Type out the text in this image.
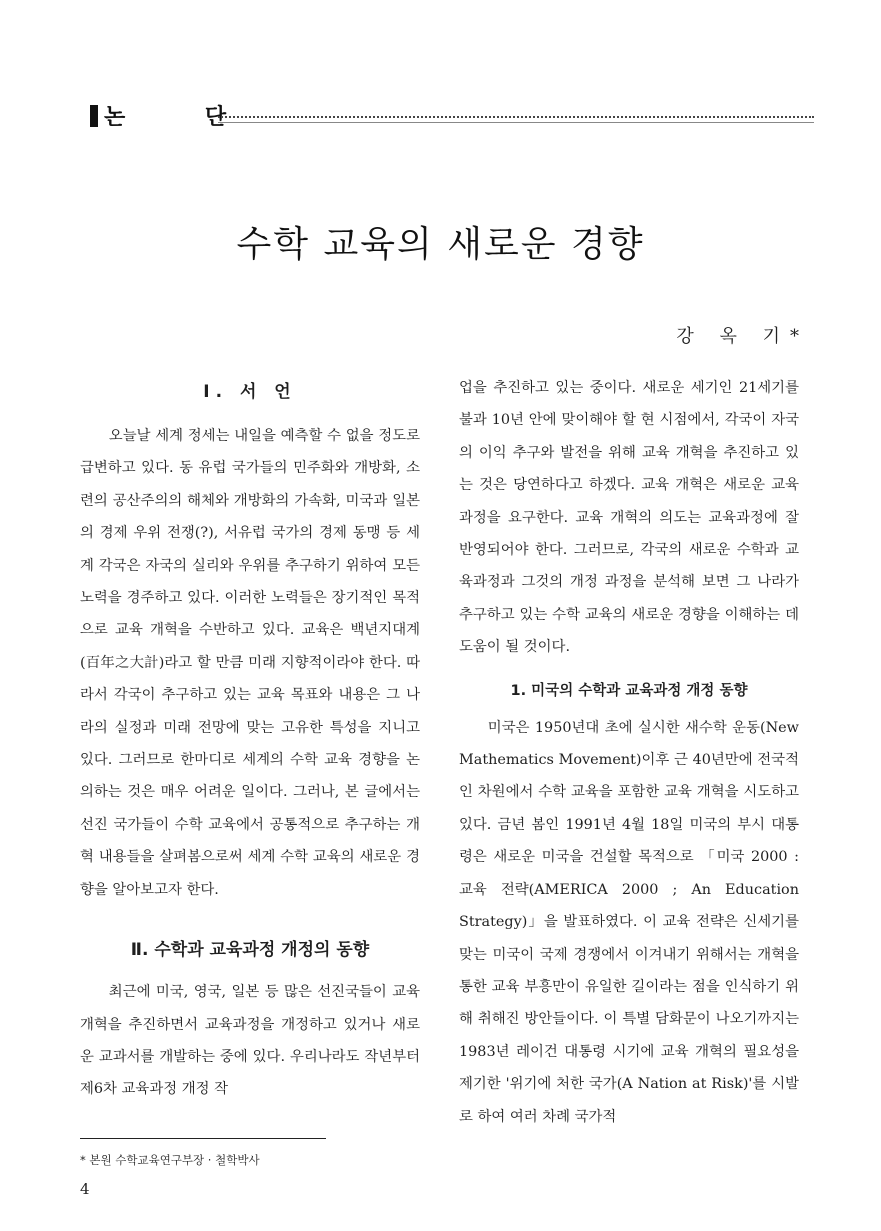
논 단
수학 교육의 새로운 경향
강 옥 기*
Ⅰ. 서 언

오늘날 세계 정세는 내일을 예측할 수 없을 정도로 급변하고 있다. 동 유럽 국가들의 민주화와 개방화, 소련의 공산주의의 해체와 개방화의 가속화, 미국과 일본의 경제 우위 전쟁(?), 서유럽 국가의 경제 동맹 등 세계 각국은 자국의 실리와 우위를 추구하기 위하여 모든 노력을 경주하고 있다. 이러한 노력들은 장기적인 목적으로 교육 개혁을 수반하고 있다. 교육은 백년지대계(百年之大計)라고 할 만큼 미래 지향적이라야 한다. 따라서 각국이 추구하고 있는 교육 목표와 내용은 그 나라의 실정과 미래 전망에 맞는 고유한 특성을 지니고 있다. 그러므로 한마디로 세계의 수학 교육 경향을 논의하는 것은 매우 어려운 일이다. 그러나, 본 글에서는 선진 국가들이 수학 교육에서 공통적으로 추구하는 개혁 내용들을 살펴봄으로써 세계 수학 교육의 새로운 경향을 알아보고자 한다.

Ⅱ. 수학과 교육과정 개정의 동향

최근에 미국, 영국, 일본 등 많은 선진국들이 교육 개혁을 추진하면서 교육과정을 개정하고 있거나 새로운 교과서를 개발하는 중에 있다. 우리나라도 작년부터 제6차 교육과정 개정 작

업을 추진하고 있는 중이다. 새로운 세기인 21세기를 불과 10년 안에 맞이해야 할 현 시점에서, 각국이 자국의 이익 추구와 발전을 위해 교육 개혁을 추진하고 있는 것은 당연하다고 하겠다. 교육 개혁은 새로운 교육과정을 요구한다. 교육 개혁의 의도는 교육과정에 잘 반영되어야 한다. 그러므로, 각국의 새로운 수학과 교육과정과 그것의 개정 과정을 분석해 보면 그 나라가 추구하고 있는 수학 교육의 새로운 경향을 이해하는 데 도움이 될 것이다.

1. 미국의 수학과 교육과정 개정 동향

미국은 1950년대 초에 실시한 새수학 운동(New Mathematics Movement)이후 근 40년만에 전국적인 차원에서 수학 교육을 포함한 교육 개혁을 시도하고 있다. 금년 봄인 1991년 4월 18일 미국의 부시 대통령은 새로운 미국을 건설할 목적으로 「미국 2000 : 교육 전략(AMERICA 2000 ; An Education Strategy)」을 발표하였다. 이 교육 전략은 신세기를 맞는 미국이 국제 경쟁에서 이겨내기 위해서는 개혁을 통한 교육 부흥만이 유일한 길이라는 점을 인식하기 위해 취해진 방안들이다. 이 특별 담화문이 나오기까지는 1983년 레이건 대통령 시기에 교육 개혁의 필요성을 제기한 '위기에 처한 국가(A Nation at Risk)'를 시발로 하여 여러 차례 국가적

* 본원 수학교육연구부장 · 철학박사
4
